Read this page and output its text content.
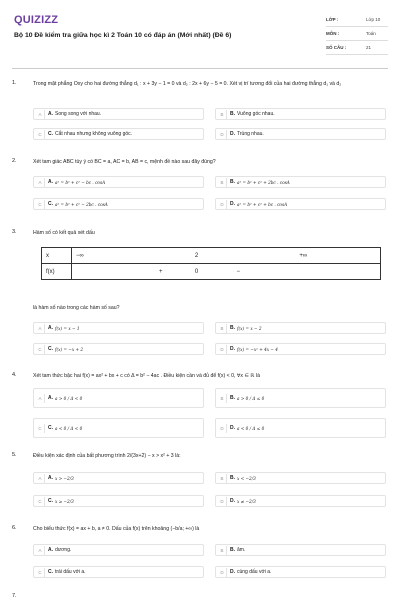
QUIZIZZ
Bộ 10 Đề kiểm tra giữa học kì 2 Toán 10 có đáp án (Mới nhất) (Đề 6)
LỚP :	Lớp 10
MÔN :	Toán
SỐ CÂU :	21
1.	Trong mặt phẳng Oxy cho hai đường thẳng d₁ : x + 3y − 1 = 0 và d₂ : 2x + 6y − 5 = 0. Xét vị trí tương đối của hai đường thẳng d₁ và d₂
A	A. Song song với nhau.	B	B. Vuông góc nhau.
C	C. Cắt nhau nhưng không vuông góc.	D	D. Trùng nhau.
2.	Xét tam giác ABC tùy ý có BC = a, AC = b, AB = c, mệnh đề nào sau đây đúng?
A	A. a² = b² + c² − bc . cosA	B	B. a² = b² + c² + 2bc . cosA
C	C. a² = b² + c² − 2bc . cosA	D	D. a² = b² + c² + bc . cosA
3.	Hàm số có kết quả xét dấu
x	−∞	2	+∞
f(x)	+	0	−
là hàm số nào trong các hàm số sau?
A	A. f(x) = x − 1	B	B. f(x) = x − 2
C	C. f(x) = −x + 2	D	D. f(x) = −x² + 4x − 4
4.	Xét tam thức bậc hai f(x) = ax² + bx + c có Δ = b² − 4ac . Điều kiện cần và đủ để f(x) < 0, ∀x ∈ ℝ là
A	A. a > 0 / Δ < 0	B	B. a > 0 / Δ ≤ 0
C	C. a < 0 / Δ < 0	D	D. a < 0 / Δ ≤ 0
5.	Điều kiện xác định của bất phương trình 2/(3x+2) − x > x² + 3 là:
A	A. x > −2/3	B	B. x < −2/3
C	C. x ≥ −2/3	D	D. x ≠ −2/3
6.	Cho biểu thức f(x) = ax + b, a ≠ 0. Dấu của f(x) trên khoảng (−b/a; +∞) là
A	A. dương.	B	B. âm.
C	C. trái dấu với a.	D	D. cùng dấu với a.
7.
